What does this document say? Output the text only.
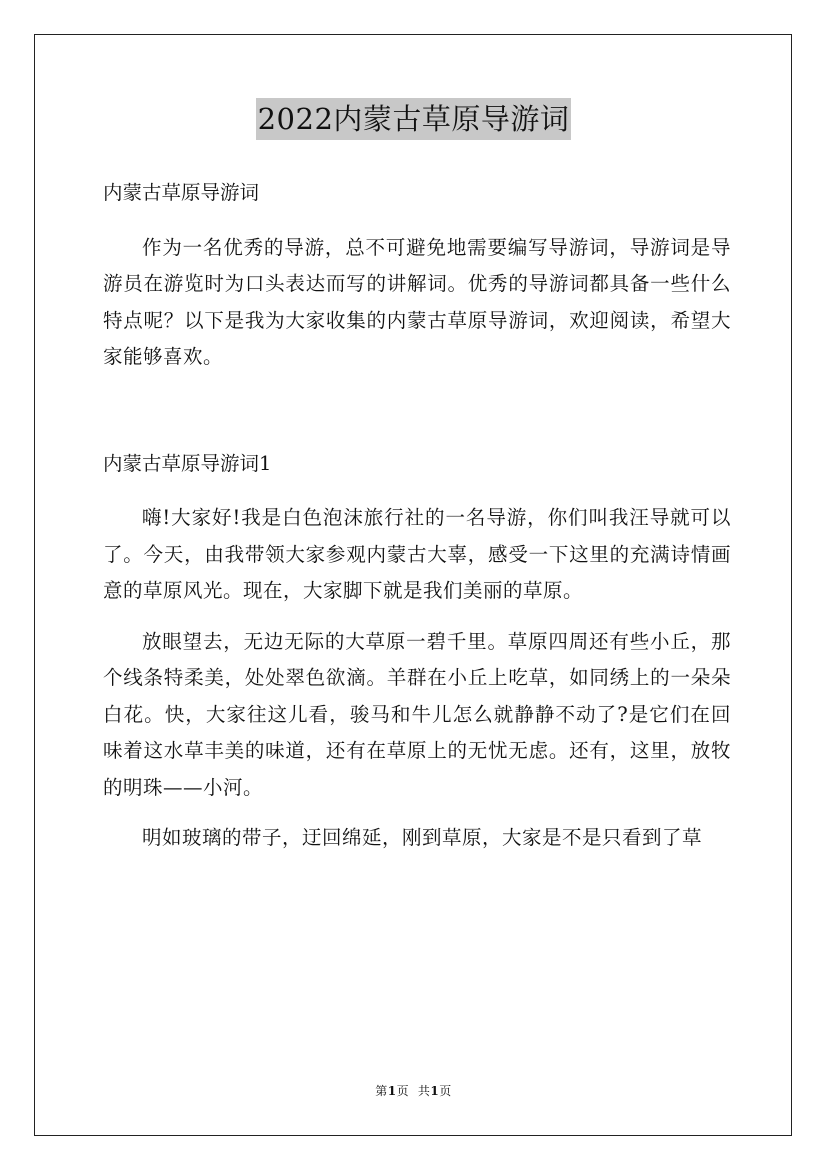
2022内蒙古草原导游词

内蒙古草原导游词

作为一名优秀的导游，总不可避免地需要编写导游词，导游词是导游员在游览时为口头表达而写的讲解词。优秀的导游词都具备一些什么特点呢？以下是我为大家收集的内蒙古草原导游词，欢迎阅读，希望大家能够喜欢。

内蒙古草原导游词1

嗨!大家好!我是白色泡沫旅行社的一名导游，你们叫我汪导就可以了。今天，由我带领大家参观内蒙古大辜，感受一下这里的充满诗情画意的草原风光。现在，大家脚下就是我们美丽的草原。

放眼望去，无边无际的大草原一碧千里。草原四周还有些小丘，那个线条特柔美，处处翠色欲滴。羊群在小丘上吃草，如同绣上的一朵朵白花。快，大家往这儿看，骏马和牛儿怎么就静静不动了?是它们在回味着这水草丰美的味道，还有在草原上的无忧无虑。还有，这里，放牧的明珠——小河。

明如玻璃的带子，迂回绵延，刚到草原，大家是不是只看到了草

第1页 共1页
